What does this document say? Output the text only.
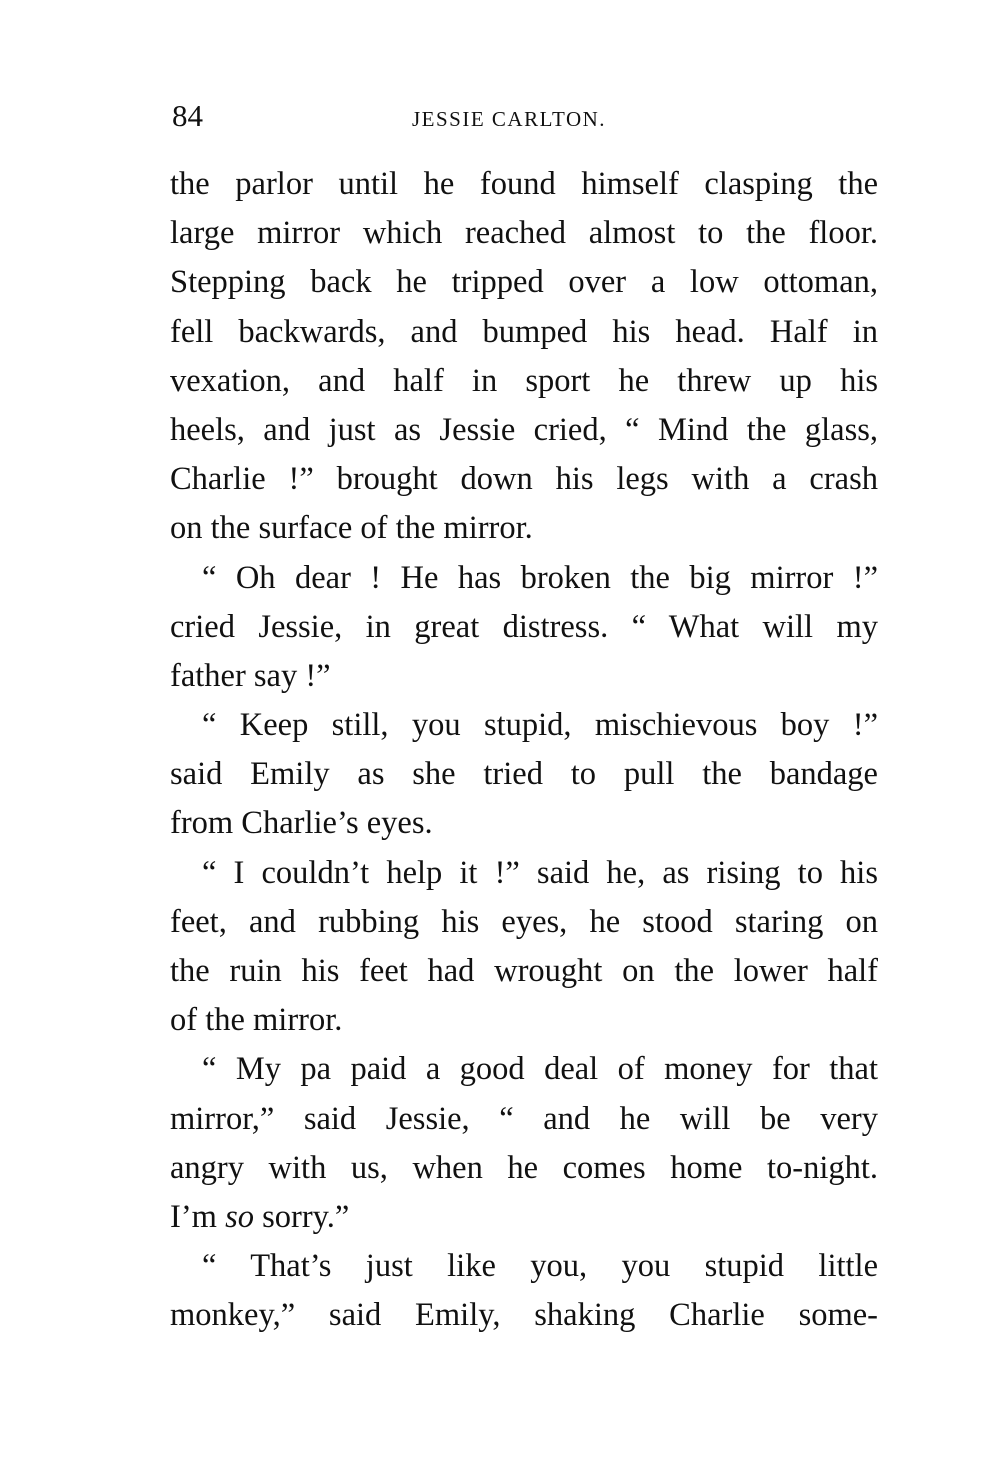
84	JESSIE CARLTON.
the parlor until he found himself clasping the
large mirror which reached almost to the floor.
Stepping back he tripped over a low ottoman,
fell backwards, and bumped his head. Half in
vexation, and half in sport he threw up his
heels, and just as Jessie cried, “ Mind the glass,
Charlie !” brought down his legs with a crash
on the surface of the mirror.
“ Oh dear ! He has broken the big mirror !”
cried Jessie, in great distress. “ What will my
father say !”
“ Keep still, you stupid, mischievous boy !”
said Emily as she tried to pull the bandage
from Charlie’s eyes.
“ I couldn’t help it !” said he, as rising to his
feet, and rubbing his eyes, he stood staring on
the ruin his feet had wrought on the lower half
of the mirror.
“ My pa paid a good deal of money for that
mirror,” said Jessie, “ and he will be very
angry with us, when he comes home to-night.
I’m so sorry.”
“ That’s just like you, you stupid little
monkey,” said Emily, shaking Charlie some-
